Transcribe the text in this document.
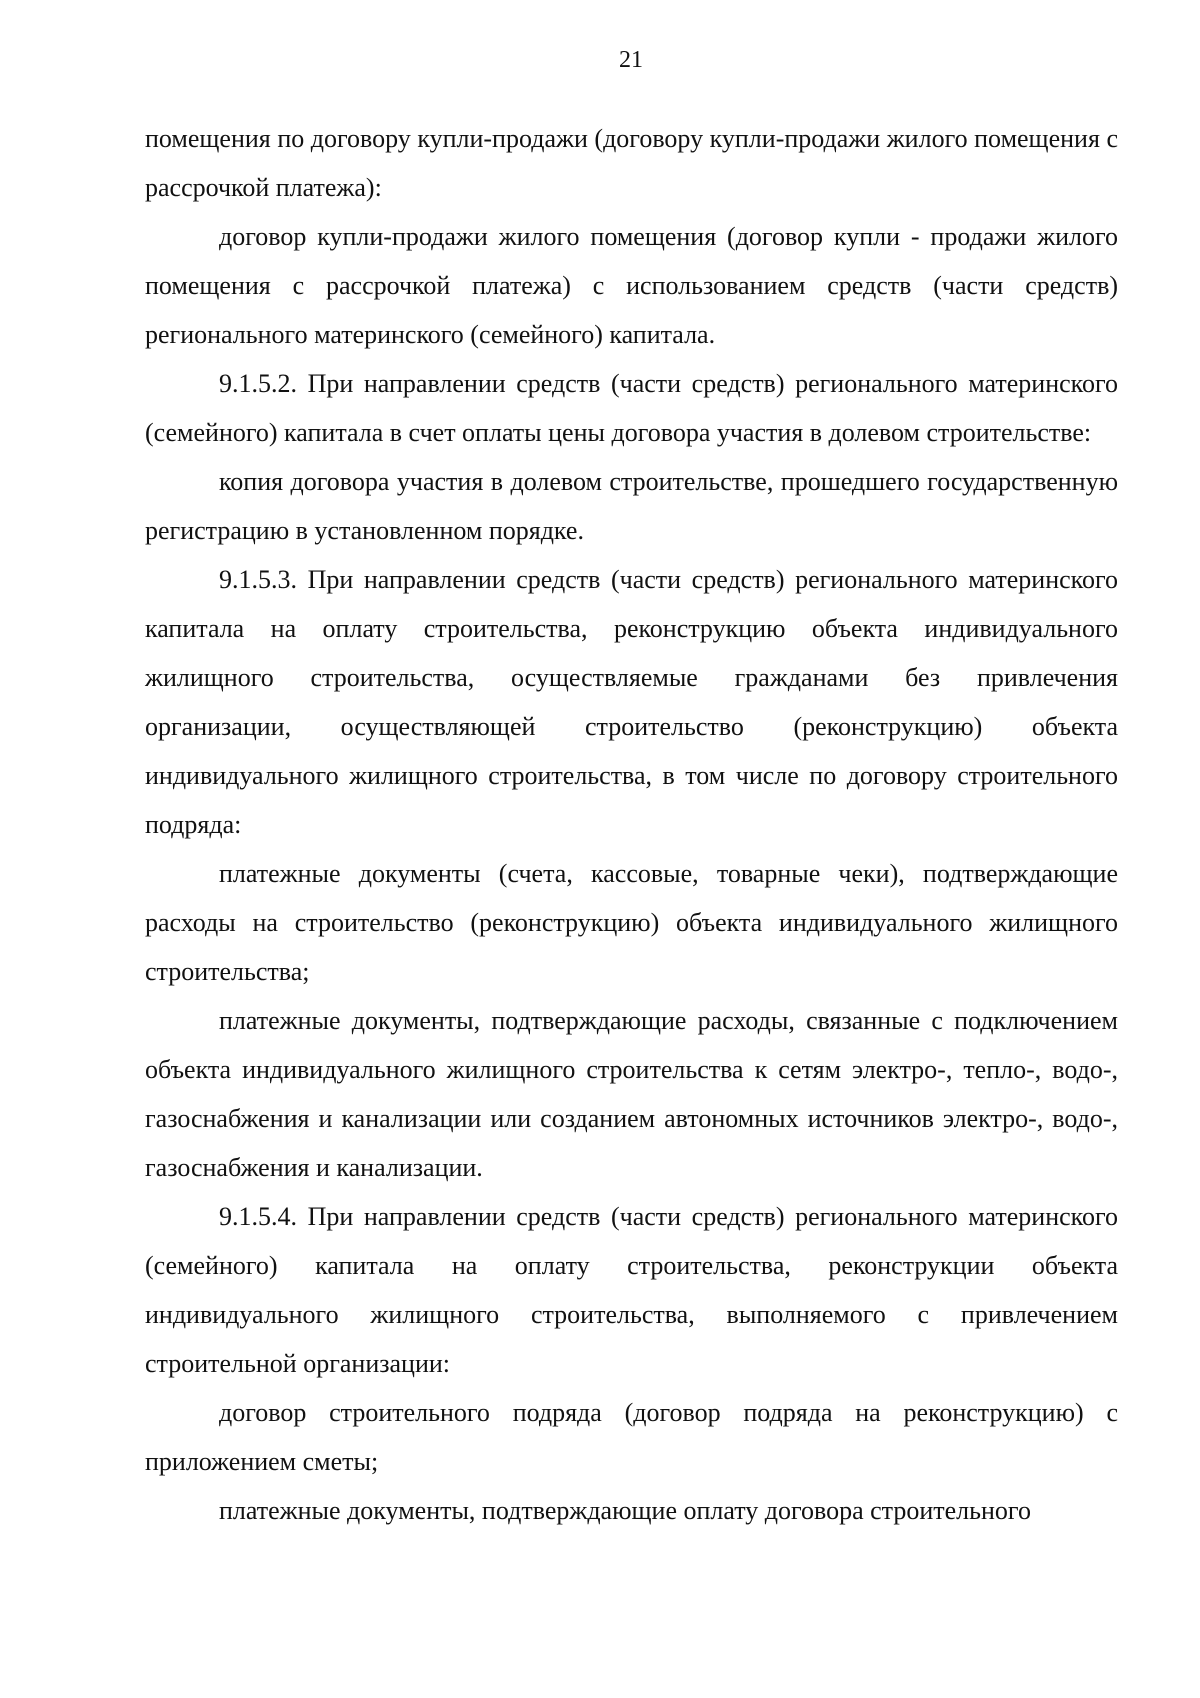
21

помещения по договору купли-продажи (договору купли-продажи жилого помещения с рассрочкой платежа):

договор купли-продажи жилого помещения (договор купли - продажи жилого помещения с рассрочкой платежа) с использованием средств (части средств) регионального материнского (семейного) капитала.

9.1.5.2. При направлении средств (части средств) регионального материнского (семейного) капитала в счет оплаты цены договора участия в долевом строительстве:

копия договора участия в долевом строительстве, прошедшего государственную регистрацию в установленном порядке.

9.1.5.3. При направлении средств (части средств) регионального материнского капитала на оплату строительства, реконструкцию объекта индивидуального жилищного строительства, осуществляемые гражданами без привлечения организации, осуществляющей строительство (реконструкцию) объекта индивидуального жилищного строительства, в том числе по договору строительного подряда:

платежные документы (счета, кассовые, товарные чеки), подтверждающие расходы на строительство (реконструкцию) объекта индивидуального жилищного строительства;

платежные документы, подтверждающие расходы, связанные с подключением объекта индивидуального жилищного строительства к сетям электро-, тепло-, водо-, газоснабжения и канализации или созданием автономных источников электро-, водо-, газоснабжения и канализации.

9.1.5.4. При направлении средств (части средств) регионального материнского (семейного) капитала на оплату строительства, реконструкции объекта индивидуального жилищного строительства, выполняемого с привлечением строительной организации:

договор строительного подряда (договор подряда на реконструкцию) с приложением сметы;

платежные документы, подтверждающие оплату договора строительного
